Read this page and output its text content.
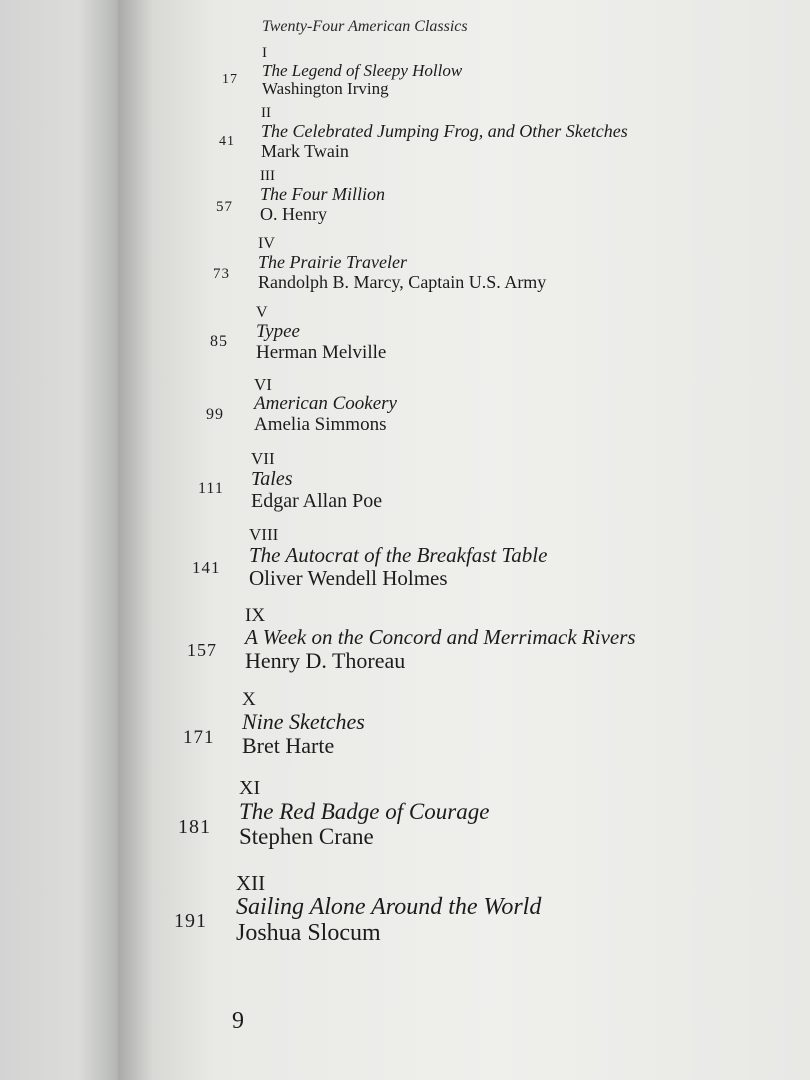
Twenty-Four American Classics
I
The Legend of Sleepy Hollow
Washington Irving
17
II
The Celebrated Jumping Frog, and Other Sketches
Mark Twain
41
III
The Four Million
O. Henry
57
IV
The Prairie Traveler
Randolph B. Marcy, Captain U.S. Army
73
V
Typee
Herman Melville
85
VI
American Cookery
Amelia Simmons
99
VII
Tales
Edgar Allan Poe
111
VIII
The Autocrat of the Breakfast Table
Oliver Wendell Holmes
141
IX
A Week on the Concord and Merrimack Rivers
Henry D. Thoreau
157
X
Nine Sketches
Bret Harte
171
XI
The Red Badge of Courage
Stephen Crane
181
XII
Sailing Alone Around the World
Joshua Slocum
191
9
